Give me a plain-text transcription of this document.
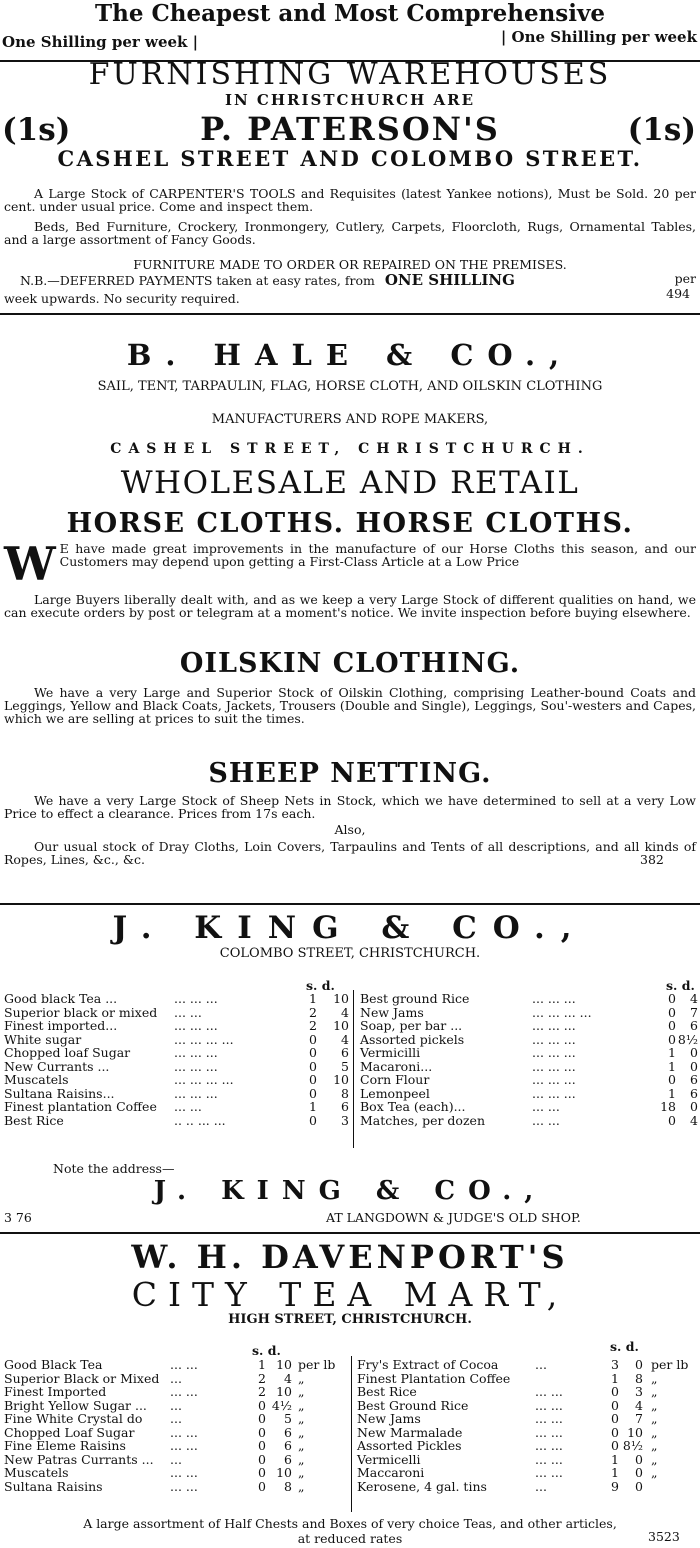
The Cheapest and Most Comprehensive
One Shilling per week |	| One Shilling per week
FURNISHING WAREHOUSES
IN CHRISTCHURCH ARE
(1s)	P. PATERSON'S	(1s)
CASHEL STREET AND COLOMBO STREET.
A Large Stock of CARPENTER'S TOOLS and Requisites (latest Yankee notions), Must be Sold. 20 per cent. under usual price. Come and inspect them.
Beds, Bed Furniture, Crockery, Ironmongery, Cutlery, Carpets, Floorcloth, Rugs, Ornamental Tables, and a large assortment of Fancy Goods.
FURNITURE MADE TO ORDER OR REPAIRED ON THE PREMISES.
N.B.—DEFERRED PAYMENTS taken at easy rates, from ONE SHILLING	per
week upwards. No security required.	494
B. HALE & CO.,
SAIL, TENT, TARPAULIN, FLAG, HORSE CLOTH, AND OILSKIN CLOTHING
MANUFACTURERS AND ROPE MAKERS,
CASHEL STREET, CHRISTCHURCH.
WHOLESALE AND RETAIL
HORSE CLOTHS. HORSE CLOTHS.
W E have made great improvements in the manufacture of our Horse Cloths this season, and our Customers may depend upon getting a First-Class Article at a Low Price
Large Buyers liberally dealt with, and as we keep a very Large Stock of different qualities on hand, we can execute orders by post or telegram at a moment's notice. We invite inspection before buying elsewhere.
OILSKIN CLOTHING.
We have a very Large and Superior Stock of Oilskin Clothing, comprising Leather-bound Coats and Leggings, Yellow and Black Coats, Jackets, Trousers (Double and Single), Leggings, Sou'-westers and Capes, which we are selling at prices to suit the times.
SHEEP NETTING.
We have a very Large Stock of Sheep Nets in Stock, which we have determined to sell at a very Low Price to effect a clearance. Prices from 17s each.
Also,
Our usual stock of Dray Cloths, Loin Covers, Tarpaulins and Tents of all descriptions, and all kinds of Ropes, Lines, &c., &c.	382
J. KING & CO.,
COLOMBO STREET, CHRISTCHURCH.
s. d.	s. d.
Good black Tea ...	... ... ...	1 10
Superior black or mixed ... ...	2 4
Finest imported...	... ... ...	2 10
White sugar	... ... ... ...	0 4
Chopped loaf Sugar	... ... ...	0 6
New Currants ...	... ... ...	0 5
Muscatels	... ... ... ...	0 10
Sultana Raisins...	... ... ...	0 8
Finest plantation Coffee ... ...	1 6
Best Rice	.. .. ... ...	0 3
Best ground Rice	... ... ...	0 4
New Jams	... ... ... ...	0 7
Soap, per bar ...	... ... ...	0 6
Assorted pickels	... ... ...	0 8½
Vermicilli	... ... ...	1 0
Macaroni...	... ... ...	1 0
Corn Flour	... ... ...	0 6
Lemonpeel	... ... ...	1 6
Box Tea (each)...	... ...	18 0
Matches, per dozen	... ...	0 4
Note the address—
J. KING & CO.,
3 76	AT LANGDOWN & JUDGE'S OLD SHOP.
W. H. DAVENPORT'S
CITY TEA MART,
HIGH STREET, CHRISTCHURCH.
s. d.	s. d.
Good Black Tea	... ...	1 10 per lb
Superior Black or Mixed ...	2 4 „
Finest Imported	... ...	2 10 „
Bright Yellow Sugar ... ...	0 4½ „
Fine White Crystal do ...	0 5 „
Chopped Loaf Sugar	... ...	0 6 „
Fine Eleme Raisins	... ...	0 6 „
New Patras Currants ... ...	0 6 „
Muscatels	... ...	0 10 „
Sultana Raisins	... ...	0 8 „
Fry's Extract of Cocoa	...	3 0 per lb
Finest Plantation Coffee	1 8 „
Best Rice	... ...	0 3 „
Best Ground Rice	... ...	0 4 „
New Jams	... ...	0 7 „
New Marmalade	... ...	0 10 „
Assorted Pickles	... ...	0 8½ „
Vermicelli	... ...	1 0 „
Maccaroni	... ...	1 0 „
Kerosene, 4 gal. tins	...	9 0
A large assortment of Half Chests and Boxes of very choice Teas, and other articles,
at reduced rates	3523
